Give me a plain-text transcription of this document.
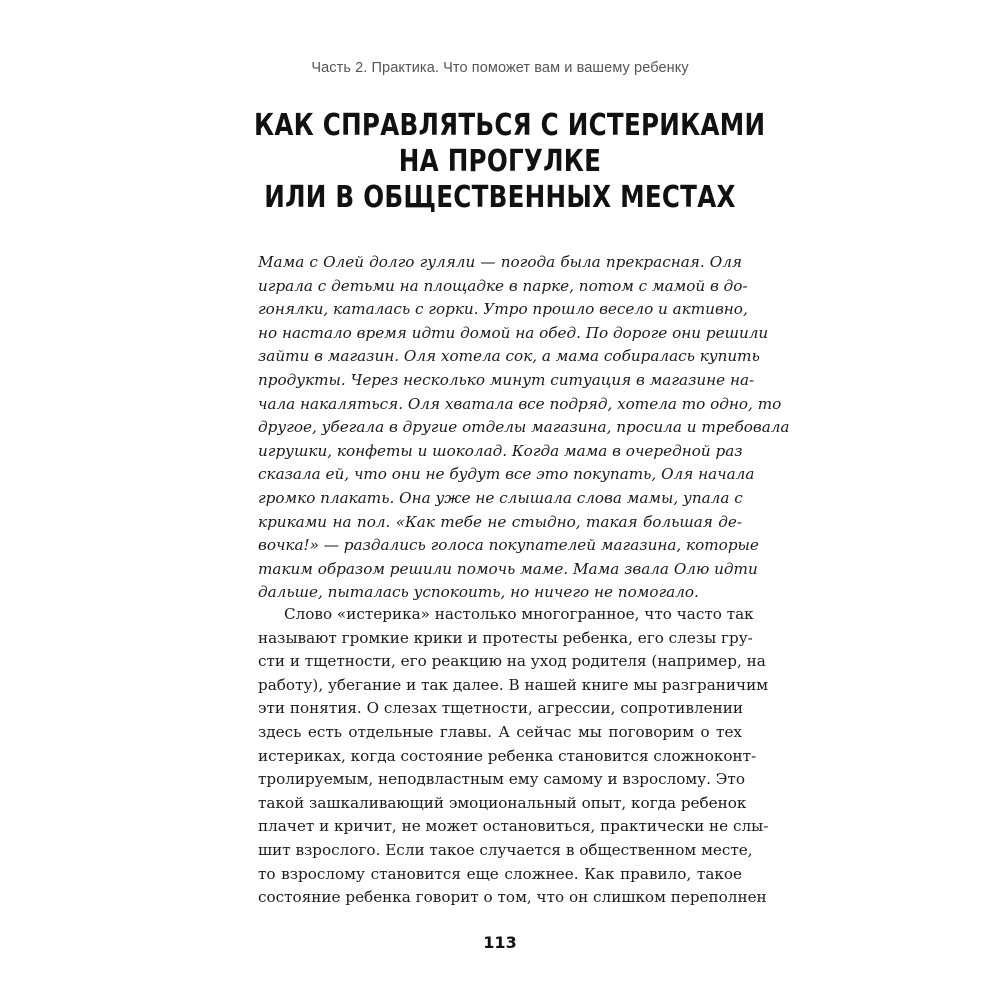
Часть 2. Практика. Что поможет вам и вашему ребенку
КАК СПРАВЛЯТЬСЯ С ИСТЕРИКАМИ
НА ПРОГУЛКЕ
ИЛИ В ОБЩЕСТВЕННЫХ МЕСТАХ
Мама с Олей долго гуляли — погода была прекрасная. Оля
играла с детьми на площадке в парке, потом с мамой в до-
гонялки, каталась с горки. Утро прошло весело и активно,
но настало время идти домой на обед. По дороге они решили
зайти в магазин. Оля хотела сок, а мама собиралась купить
продукты. Через несколько минут ситуация в магазине на-
чала накаляться. Оля хватала все подряд, хотела то одно, то
другое, убегала в другие отделы магазина, просила и требовала
игрушки, конфеты и шоколад. Когда мама в очередной раз
сказала ей, что они не будут все это покупать, Оля начала
громко плакать. Она уже не слышала слова мамы, упала с
криками на пол. «Как тебе не стыдно, такая большая де-
вочка!» — раздались голоса покупателей магазина, которые
таким образом решили помочь маме. Мама звала Олю идти
дальше, пыталась успокоить, но ничего не помогало.
Слово «истерика» настолько многогранное, что часто так
называют громкие крики и протесты ребенка, его слезы гру-
сти и тщетности, его реакцию на уход родителя (например, на
работу), убегание и так далее. В нашей книге мы разграничим
эти понятия. О слезах тщетности, агрессии, сопротивлении
здесь есть отдельные главы. А сейчас мы поговорим о тех
истериках, когда состояние ребенка становится сложноконт-
тролируемым, неподвластным ему самому и взрослому. Это
такой зашкаливающий эмоциональный опыт, когда ребенок
плачет и кричит, не может остановиться, практически не слы-
шит взрослого. Если такое случается в общественном месте,
то взрослому становится еще сложнее. Как правило, такое
состояние ребенка говорит о том, что он слишком переполнен
113
